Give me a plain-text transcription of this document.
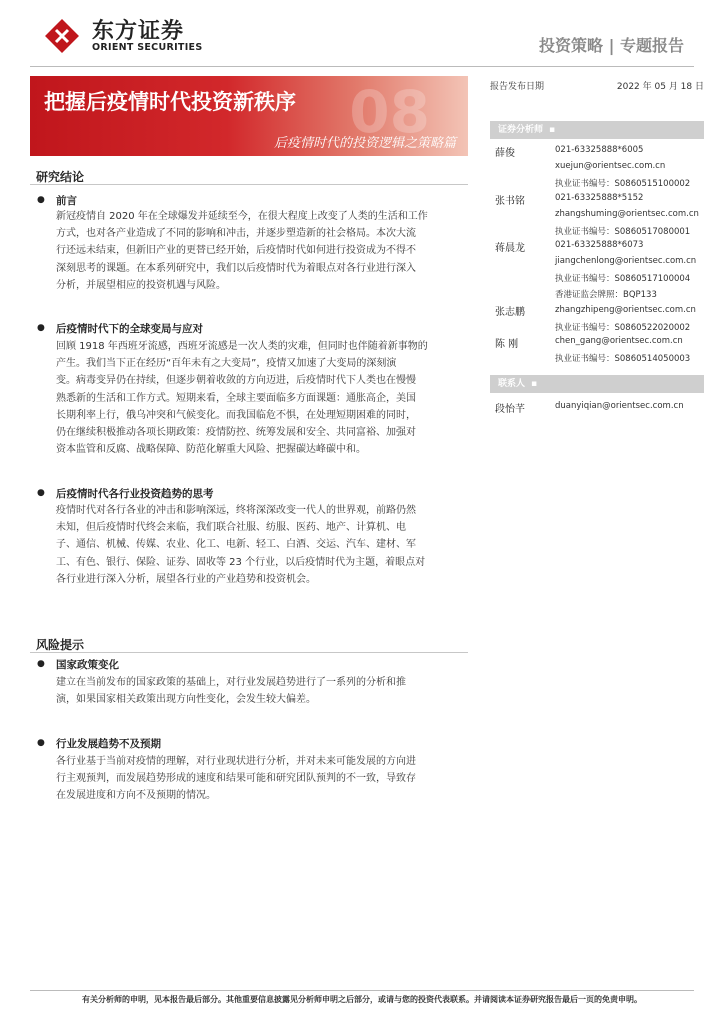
东方证券
ORIENT SECURITIES	投资策略 | 专题报告
08
把握后疫情时代投资新秩序
后疫情时代的投资逻辑之策略篇
研究结论
● 前言

新冠疫情自 2020 年在全球爆发并延续至今，在很大程度上改变了人类的生活和工作

方式，也对各产业造成了不同的影响和冲击，并逐步塑造新的社会格局。本次大流

行还远未结束，但新旧产业的更替已经开始，后疫情时代如何进行投资成为不得不

深刻思考的课题。在本系列研究中，我们以后疫情时代为着眼点对各行业进行深入

分析，并展望相应的投资机遇与风险。

● 后疫情时代下的全球变局与应对

回顾 1918 年西班牙流感，西班牙流感是一次人类的灾难，但同时也伴随着新事物的

产生。我们当下正在经历“百年未有之大变局”，疫情又加速了大变局的深刻演

变。病毒变异仍在持续，但逐步朝着收敛的方向迈进，后疫情时代下人类也在慢慢

熟悉新的生活和工作方式。短期来看，全球主要面临多方面课题：通胀高企，美国

长期利率上行，俄乌冲突和气候变化。而我国临危不惧，在处理短期困难的同时，

仍在继续积极推动各项长期政策：疫情防控、统筹发展和安全、共同富裕、加强对

资本监管和反腐、战略保障、防范化解重大风险、把握碳达峰碳中和。

● 后疫情时代各行业投资趋势的思考

疫情时代对各行各业的冲击和影响深远，终将深深改变一代人的世界观，前路仍然

未知，但后疫情时代终会来临，我们联合社服、纺服、医药、地产、计算机、电

子、通信、机械、传媒、农业、化工、电新、轻工、白酒、交运、汽车、建材、军

工、有色、银行、保险、证券、固收等 23 个行业，以后疫情时代为主题，着眼点对

各行业进行深入分析，展望各行业的产业趋势和投资机会。

风险提示
● 国家政策变化

建立在当前发布的国家政策的基础上，对行业发展趋势进行了一系列的分析和推

演，如果国家相关政策出现方向性变化，会发生较大偏差。

● 行业发展趋势不及预期

各行业基于当前对疫情的理解，对行业现状进行分析，并对未来可能发展的方向进

行主观预判，而发展趋势形成的速度和结果可能和研究团队预判的不一致，导致存

在发展进度和方向不及预期的情况。

报告发布日期	2022 年 05 月 18 日
证券分析师 ▪
薛俊	021-63325888*6005
xuejun@orientsec.com.cn
执业证书编号：S0860515100002
张书铭	021-63325888*5152
zhangshuming@orientsec.com.cn
执业证书编号：S0860517080001
蒋晨龙	021-63325888*6073
jiangchenlong@orientsec.com.cn
执业证书编号：S0860517100004
香港证监会牌照：BQP133
张志鹏	zhangzhipeng@orientsec.com.cn
执业证书编号：S0860522020002
陈 刚	chen_gang@orientsec.com.cn
执业证书编号：S0860514050003
联系人 ▪
段怡芊	duanyiqian@orientsec.com.cn
有关分析师的申明，见本报告最后部分。其他重要信息披露见分析师申明之后部分，或请与您的投资代表联系。并请阅读本证券研究报告最后一页的免责申明。
